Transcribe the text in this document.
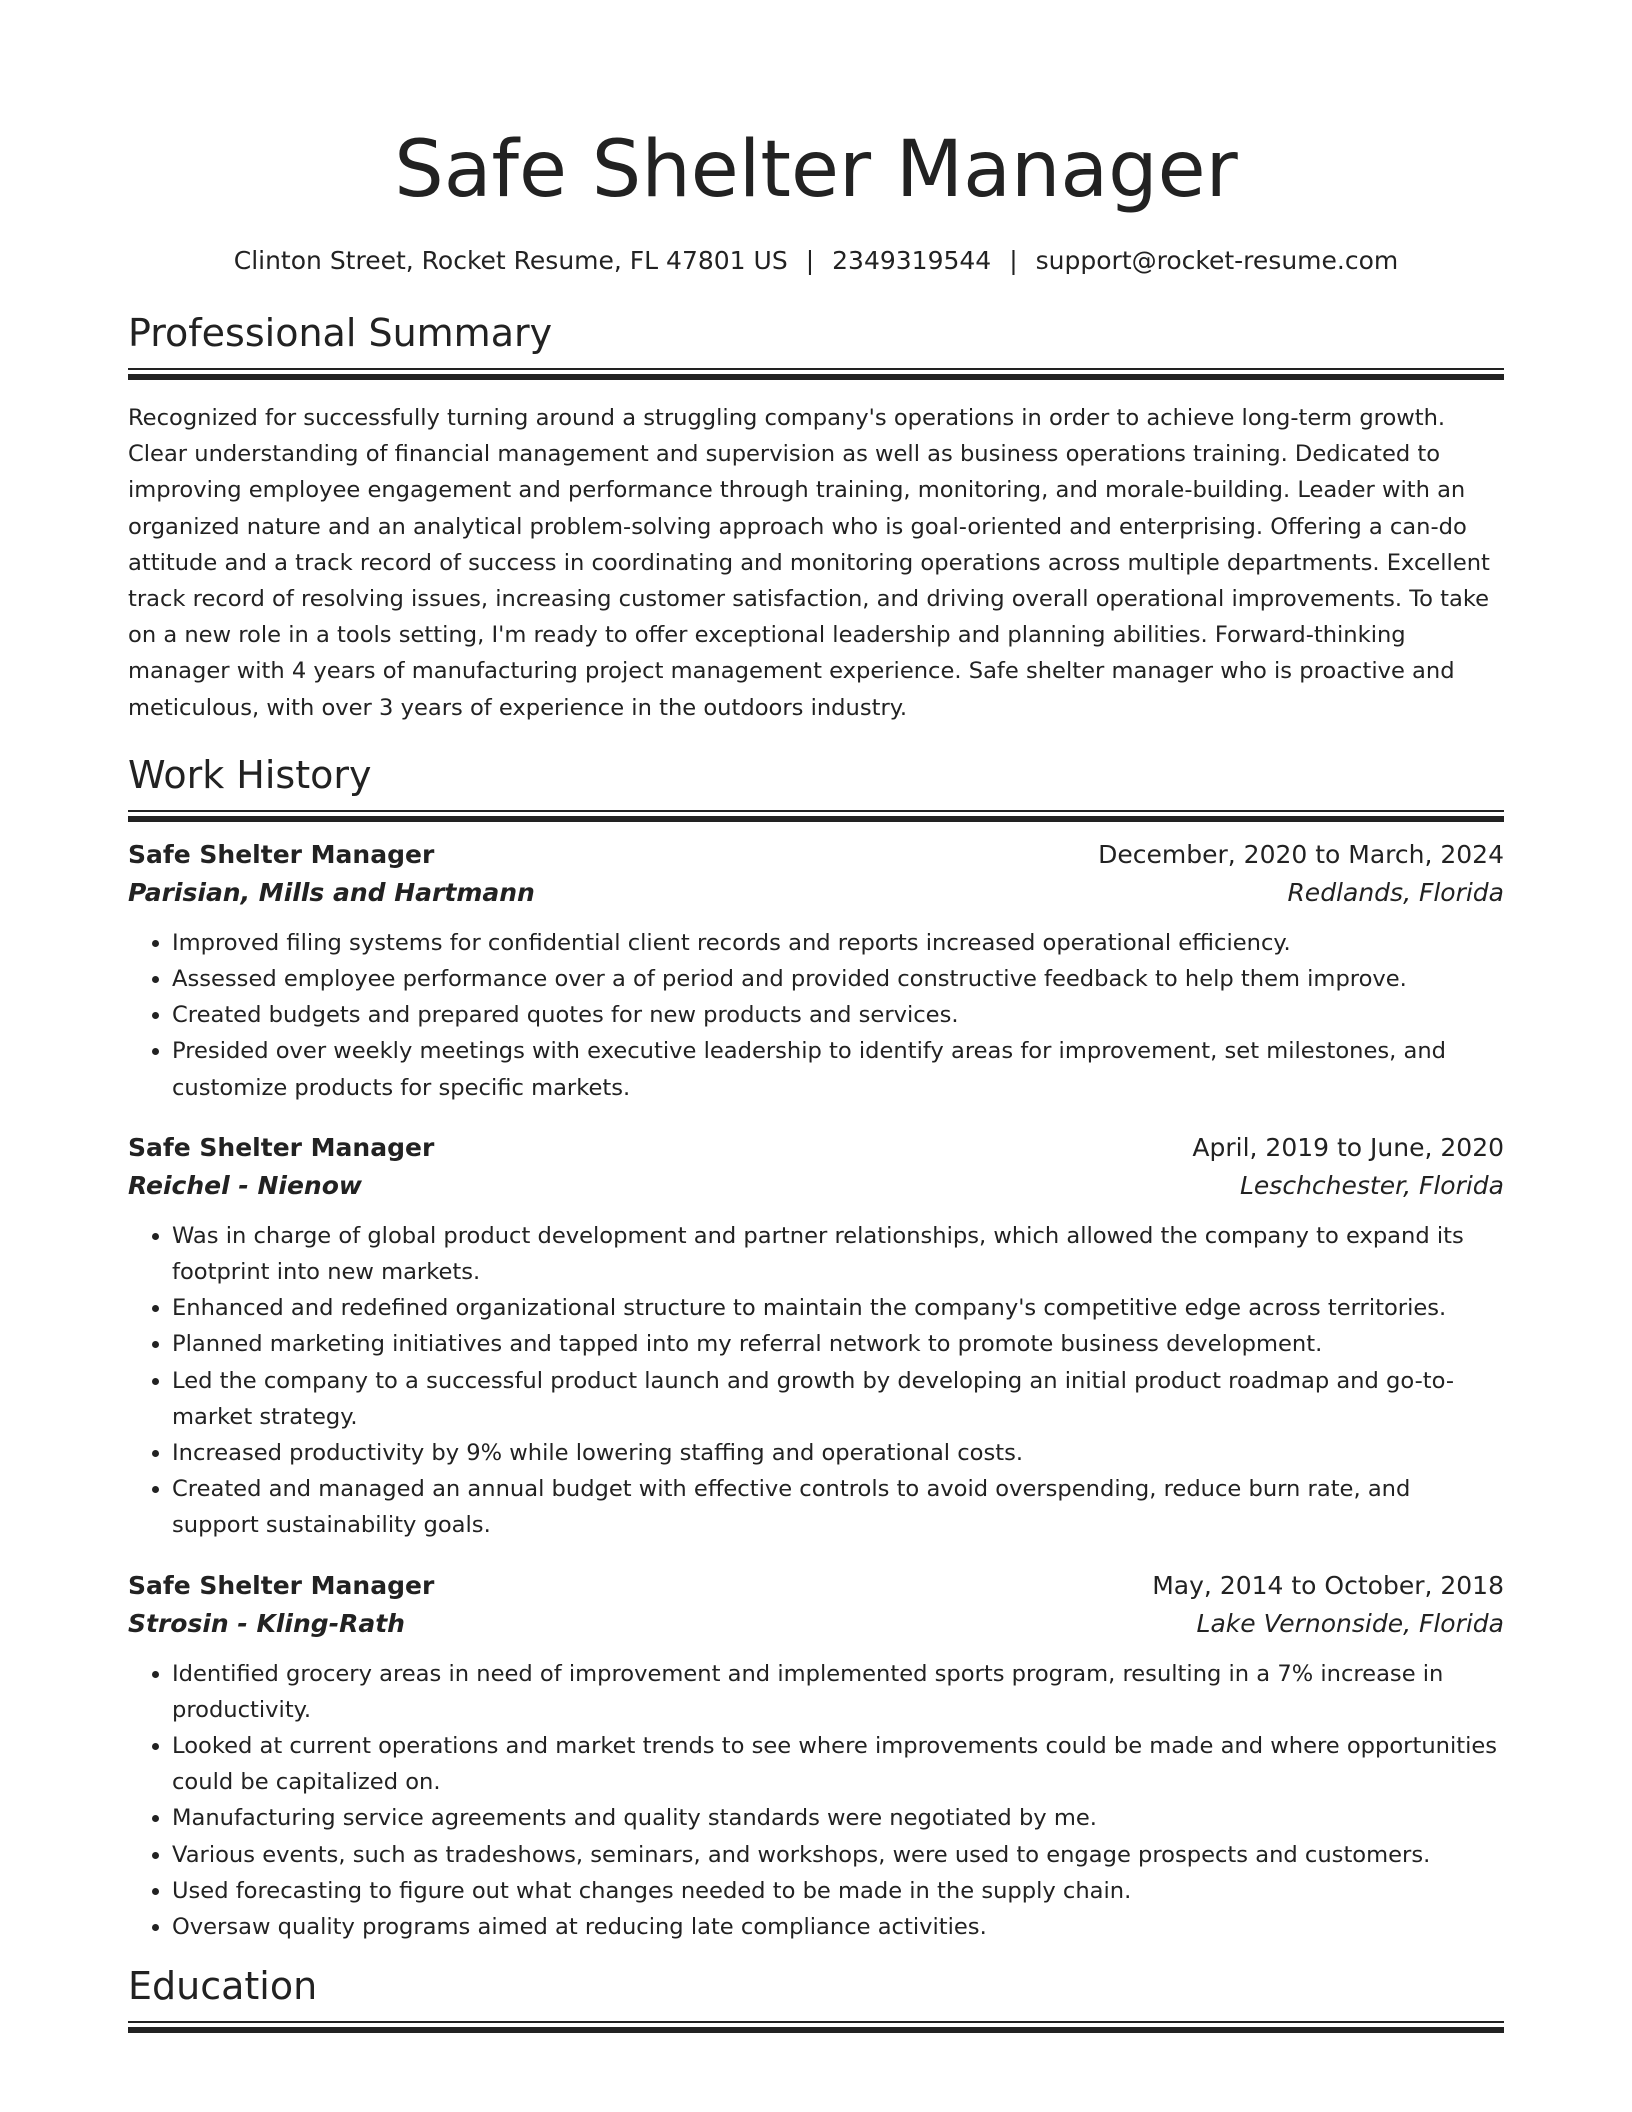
Safe Shelter Manager
Clinton Street, Rocket Resume, FL 47801 US | 2349319544 | support@rocket-resume.com
Professional Summary
Recognized for successfully turning around a struggling company's operations in order to achieve long-term growth. Clear understanding of financial management and supervision as well as business operations training. Dedicated to improving employee engagement and performance through training, monitoring, and morale-building. Leader with an organized nature and an analytical problem-solving approach who is goal-oriented and enterprising. Offering a can-do attitude and a track record of success in coordinating and monitoring operations across multiple departments. Excellent track record of resolving issues, increasing customer satisfaction, and driving overall operational improvements. To take on a new role in a tools setting, I'm ready to offer exceptional leadership and planning abilities. Forward-thinking manager with 4 years of manufacturing project management experience. Safe shelter manager who is proactive and meticulous, with over 3 years of experience in the outdoors industry.
Work History
Safe Shelter Manager	December, 2020 to March, 2024
Parisian, Mills and Hartmann	Redlands, Florida
• Improved filing systems for confidential client records and reports increased operational efficiency.
• Assessed employee performance over a of period and provided constructive feedback to help them improve.
• Created budgets and prepared quotes for new products and services.
• Presided over weekly meetings with executive leadership to identify areas for improvement, set milestones, and customize products for specific markets.
Safe Shelter Manager	April, 2019 to June, 2020
Reichel - Nienow	Leschchester, Florida
• Was in charge of global product development and partner relationships, which allowed the company to expand its footprint into new markets.
• Enhanced and redefined organizational structure to maintain the company's competitive edge across territories.
• Planned marketing initiatives and tapped into my referral network to promote business development.
• Led the company to a successful product launch and growth by developing an initial product roadmap and go-to-market strategy.
• Increased productivity by 9% while lowering staffing and operational costs.
• Created and managed an annual budget with effective controls to avoid overspending, reduce burn rate, and support sustainability goals.
Safe Shelter Manager	May, 2014 to October, 2018
Strosin - Kling-Rath	Lake Vernonside, Florida
• Identified grocery areas in need of improvement and implemented sports program, resulting in a 7% increase in productivity.
• Looked at current operations and market trends to see where improvements could be made and where opportunities could be capitalized on.
• Manufacturing service agreements and quality standards were negotiated by me.
• Various events, such as tradeshows, seminars, and workshops, were used to engage prospects and customers.
• Used forecasting to figure out what changes needed to be made in the supply chain.
• Oversaw quality programs aimed at reducing late compliance activities.
Education
